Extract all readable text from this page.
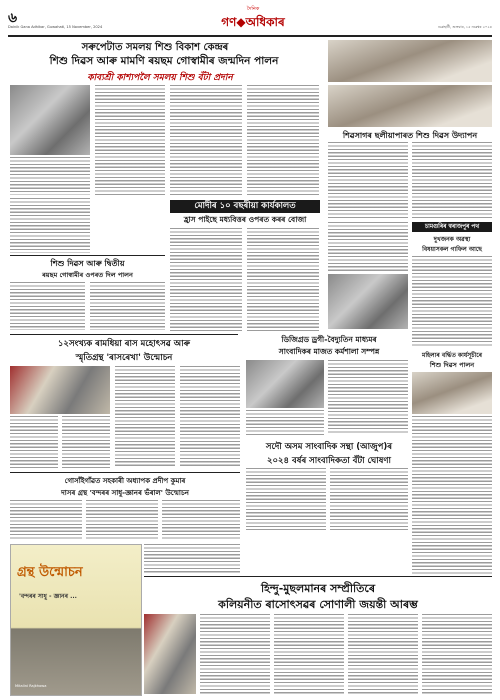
৬
Dainik Gana Adhikar, Guwahati, 15 November, 2024
দৈনিক
গণ◆অধিকাৰ	গুৱাহাটী, শুক্ৰবাৰ, ১৫ নৱেম্বৰ ২০২৪
সৰুপেটাত সমলয় শিশু বিকাশ কেন্দ্ৰৰ
শিশু দিৱস আৰু মামণি ৰয়ছম গোস্বামীৰ জন্মদিন পালন
কাব্যশ্ৰী কাশ্যপলৈ সমলয় শিশু বঁটা প্ৰদান
শিৱসাগৰ ছলীয়াপাৰত শিশু দিৱস উদ্যাপন
শিশু দিৱস আৰু দ্বিতীয়
ৰয়ছম গোস্বামীৰ ওপৰত দিল পালন
মোদীৰ ১০ বছৰীয়া কাৰ্যকালত
হ্ৰাস পাইছে মধ্যবিত্তৰ ওপৰত কৰৰ বোজা
চামগুৰিৰ স্বৰাজপুৰ পথ
দুখজনক অৱস্থা
বিষয়াসকল গাফিল আছে
ডিজিগ্ৰড ড্ৰগী-বৈদ্যুতিন মাধ্যমৰ
সাংবাদিকৰ মাজত কৰ্মশালা সম্পন্ন
১২সংখ্যক ৰামধিয়া ৰাস মহোৎসৱ আৰু
স্মৃতিগ্ৰন্থ 'ৰাসৰেখা' উন্মোচন	মহিলাৰ বৰ্দ্ধিত কাৰ্যসূচীৰে
শিশু দিৱস পালন
সদৌ অসম সাংবাদিক সন্থা (আজুপ)ৰ
২০২৪ বৰ্ষৰ সাংবাদিকতা বঁটা ঘোষণা
গোসাঁইগাঁৱত সহকাৰী অধ্যাপক প্ৰদীপ কুমাৰ
দাসৰ গ্ৰন্থ 'বন্দৰৰ সাধু-জ্ঞানৰ ভঁৰাল' উন্মোচন
গ্ৰন্থ উন্মোচন
'বন্দৰৰ সাধু - জ্ঞানৰ ...
Mitalini Rajkhowa
হিন্দু-মুছলমানৰ সম্প্ৰীতিৰে
কলিয়নীত ৰাসোৎসৱৰ সোণালী জয়ন্তী আৰম্ভ
